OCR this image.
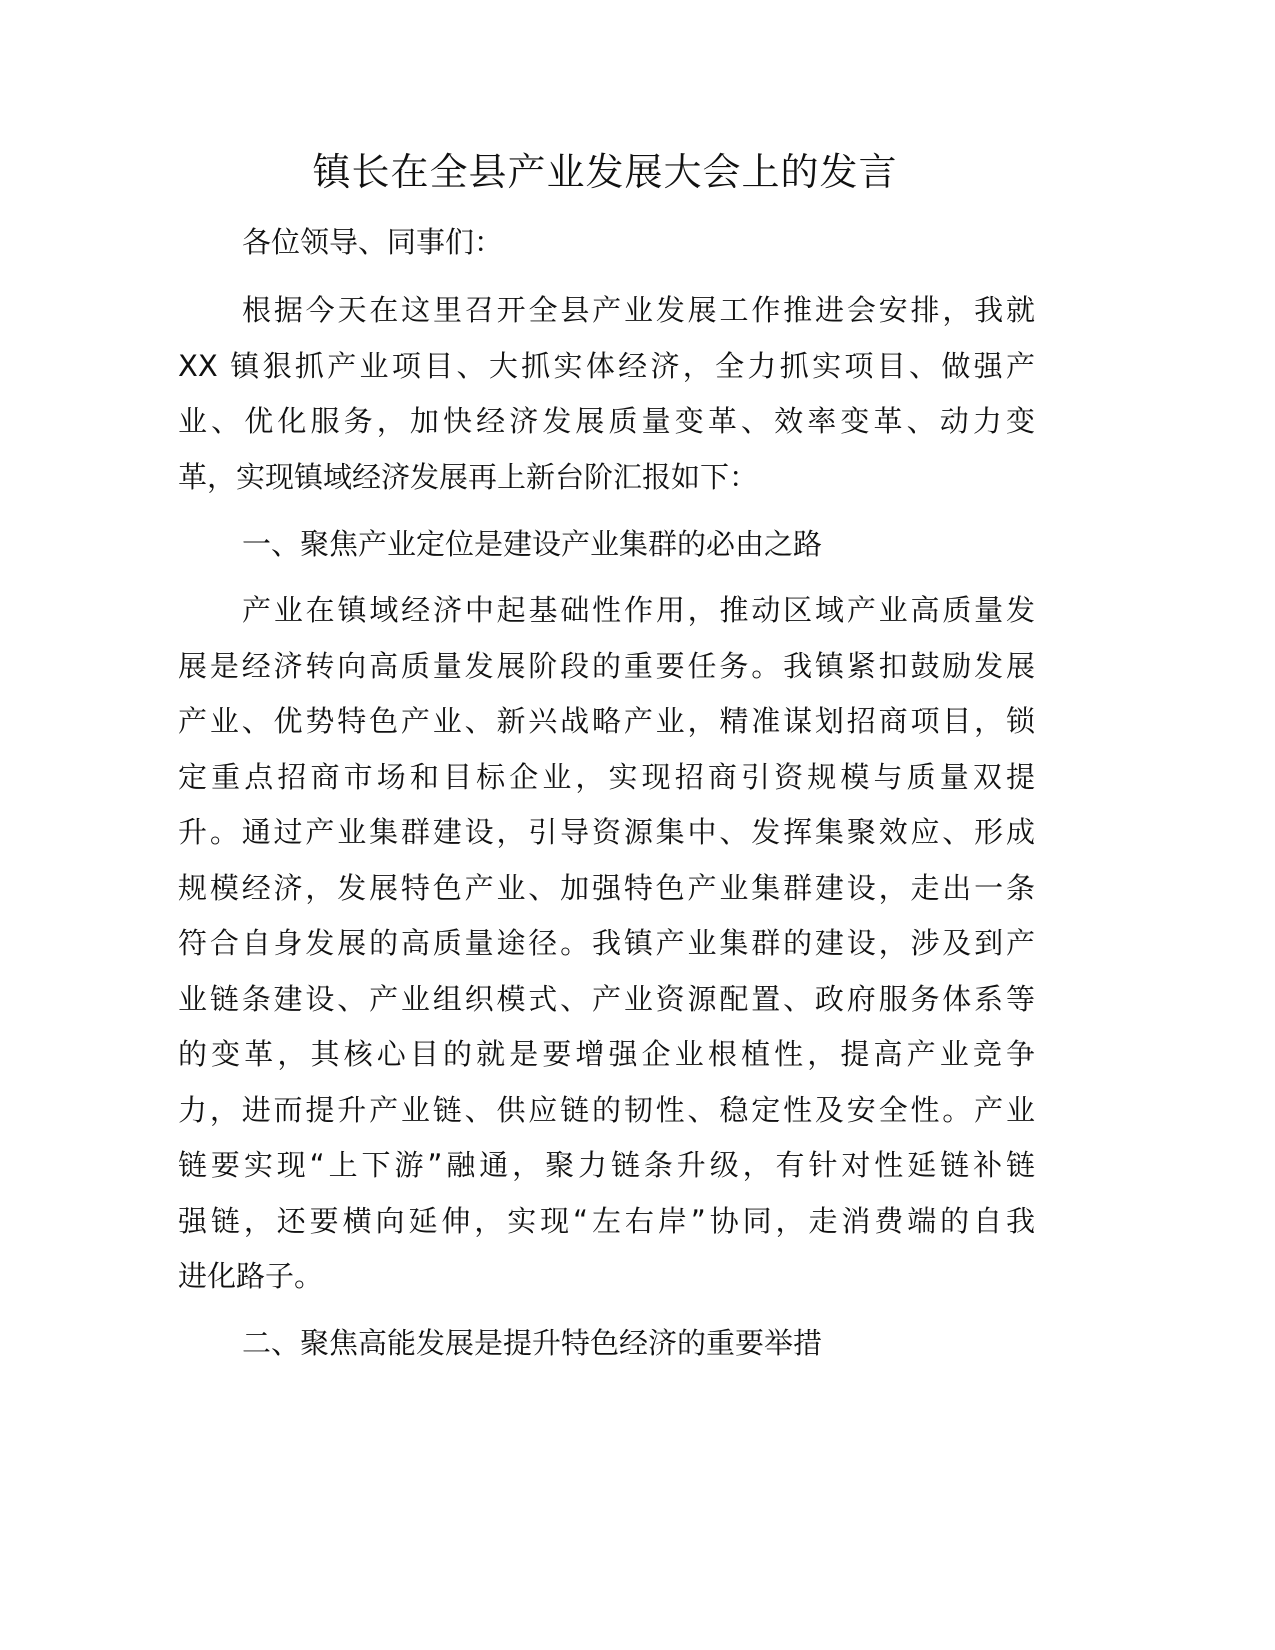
镇长在全县产业发展大会上的发言
各位领导、同事们：
根据今天在这里召开全县产业发展工作推进会安排，我就
XX 镇狠抓产业项目、大抓实体经济，全力抓实项目、做强产
业、优化服务，加快经济发展质量变革、效率变革、动力变
革，实现镇域经济发展再上新台阶汇报如下：
一、聚焦产业定位是建设产业集群的必由之路
产业在镇域经济中起基础性作用，推动区域产业高质量发
展是经济转向高质量发展阶段的重要任务。我镇紧扣鼓励发展
产业、优势特色产业、新兴战略产业，精准谋划招商项目，锁
定重点招商市场和目标企业，实现招商引资规模与质量双提
升。通过产业集群建设，引导资源集中、发挥集聚效应、形成
规模经济，发展特色产业、加强特色产业集群建设，走出一条
符合自身发展的高质量途径。我镇产业集群的建设，涉及到产
业链条建设、产业组织模式、产业资源配置、政府服务体系等
的变革，其核心目的就是要增强企业根植性，提高产业竞争
力，进而提升产业链、供应链的韧性、稳定性及安全性。产业
链要实现“上下游”融通，聚力链条升级，有针对性延链补链
强链，还要横向延伸，实现“左右岸”协同，走消费端的自我
进化路子。
二、聚焦高能发展是提升特色经济的重要举措
